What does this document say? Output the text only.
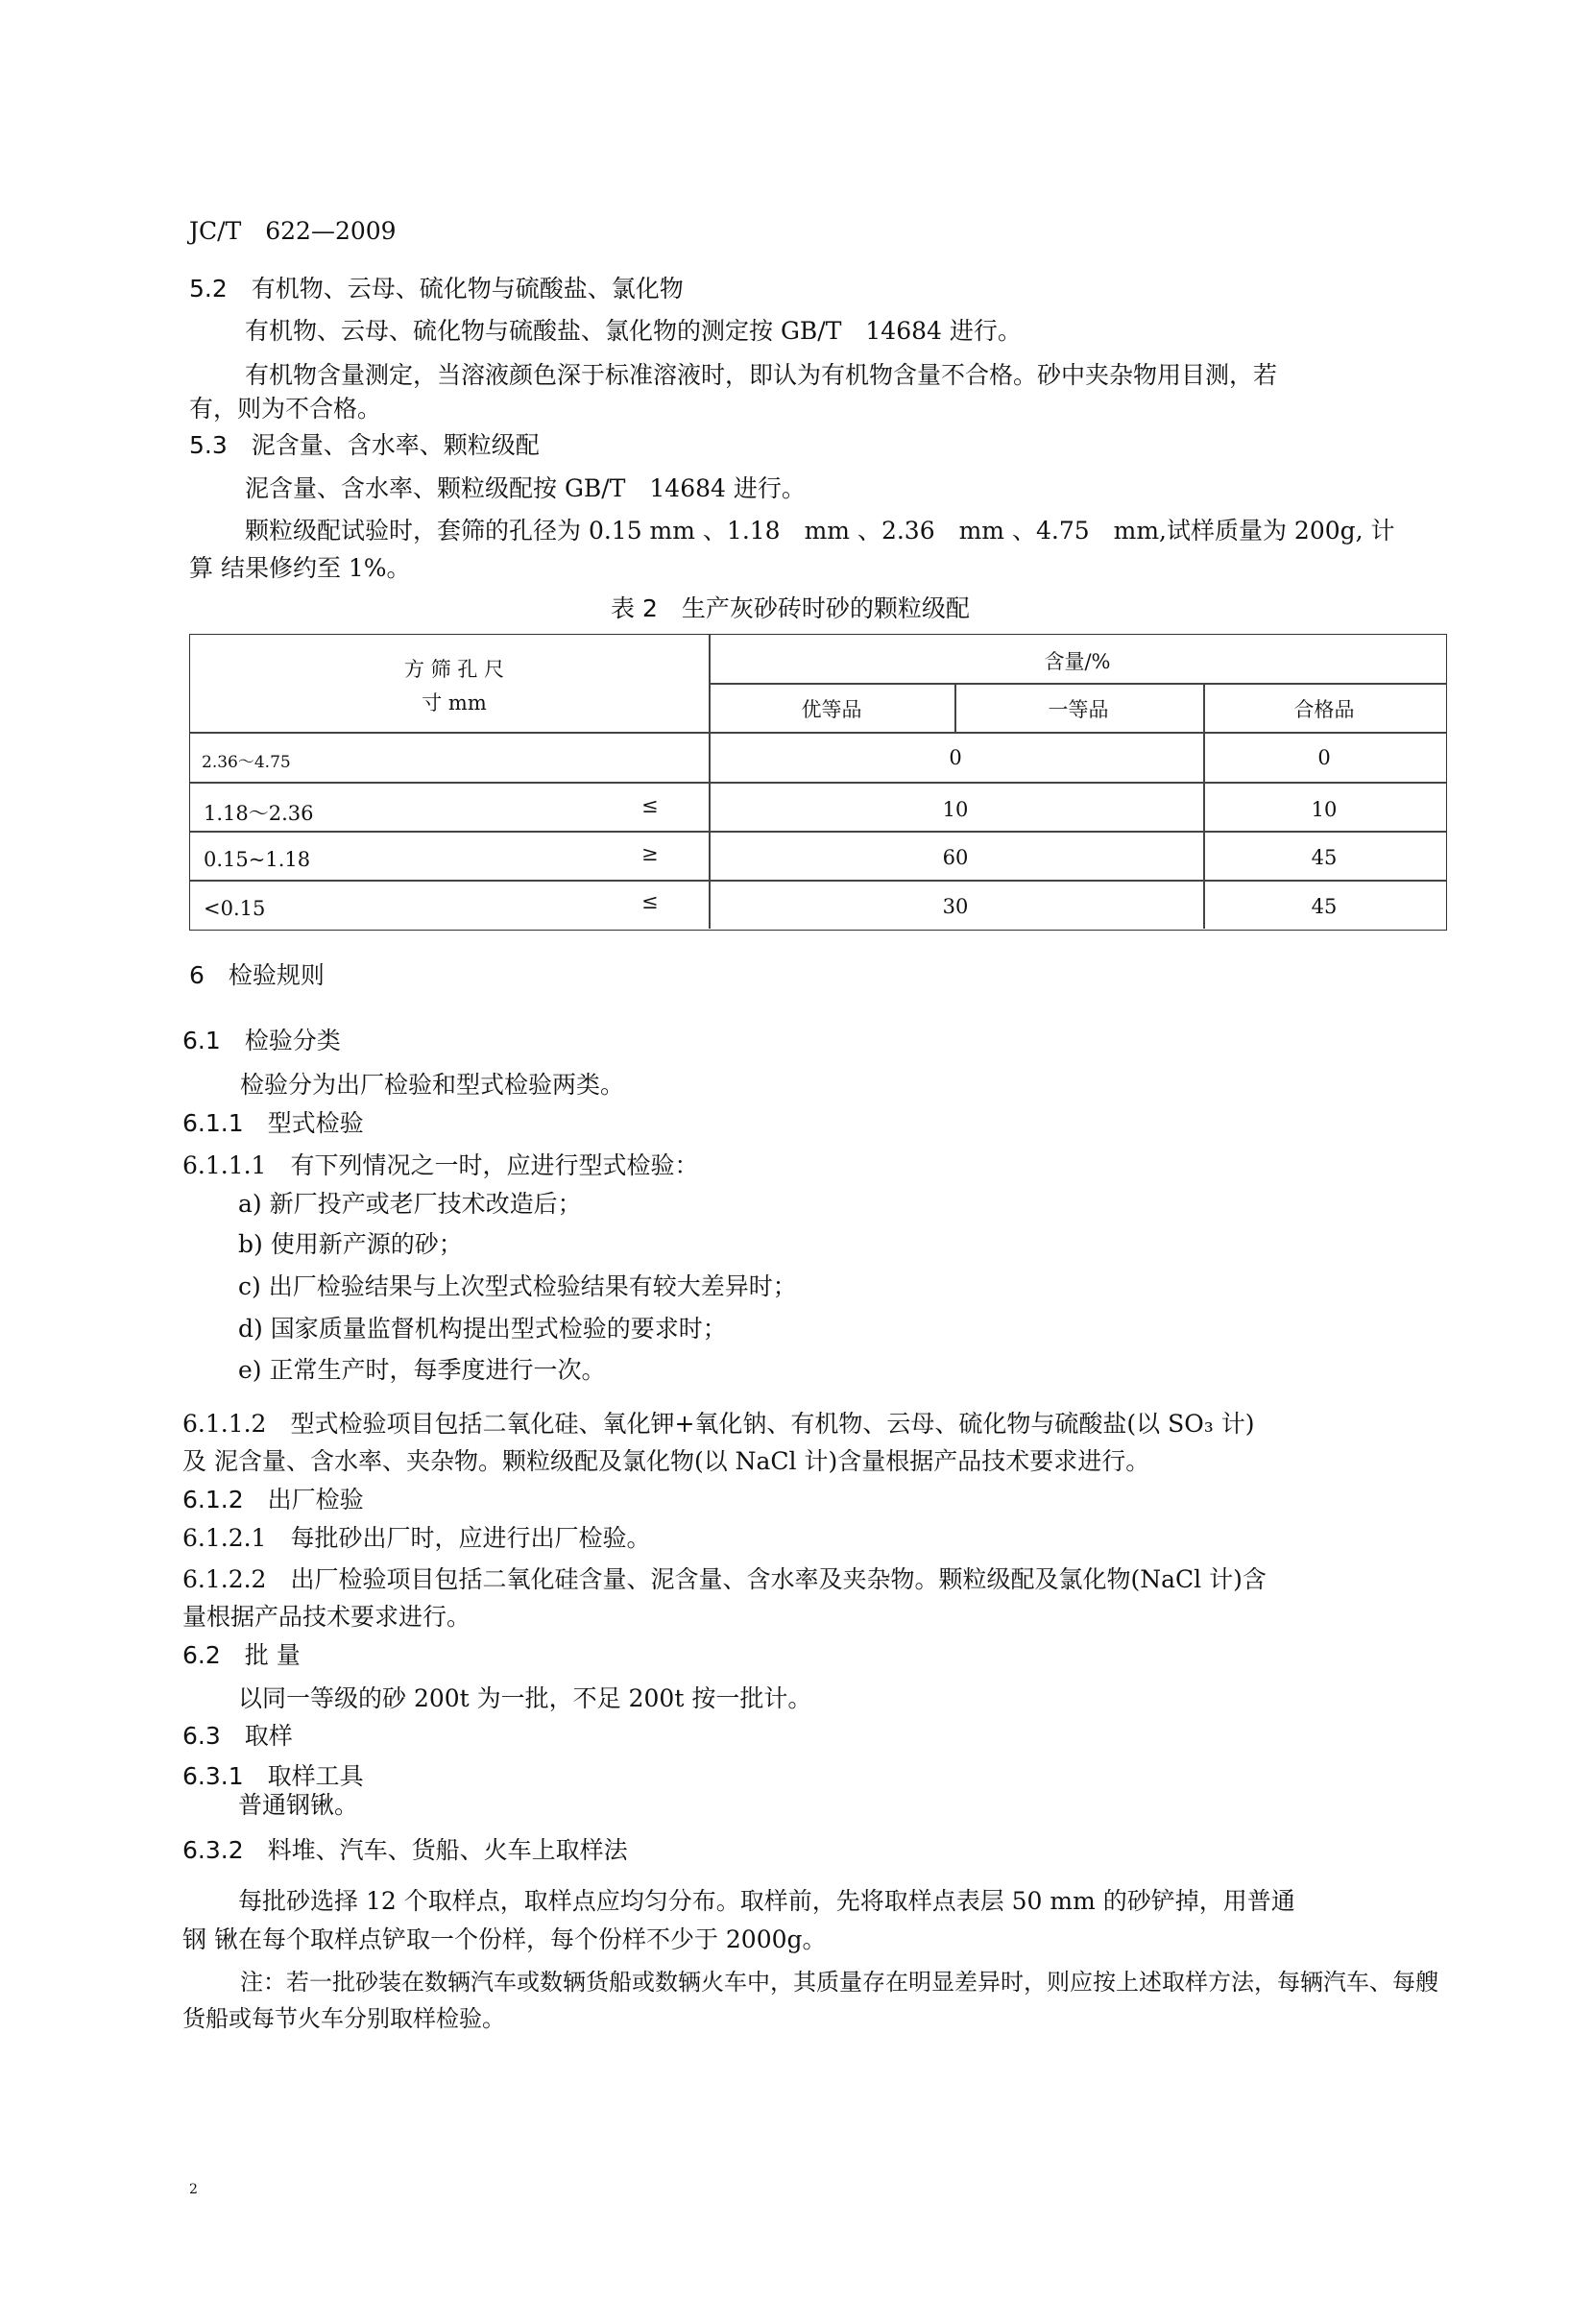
JC/T　622—2009
5.2　有机物、云母、硫化物与硫酸盐、氯化物
有机物、云母、硫化物与硫酸盐、氯化物的测定按 GB/T　14684 进行。
有机物含量测定，当溶液颜色深于标准溶液时，即认为有机物含量不合格。砂中夹杂物用目测，若
有，则为不合格。
5.3　泥含量、含水率、颗粒级配
泥含量、含水率、颗粒级配按 GB/T　14684 进行。
颗粒级配试验时，套筛的孔径为 0.15 mm 、1.18　mm 、2.36　mm 、4.75　mm,试样质量为 200g, 计
算 结果修约至 1%。
表 2　生产灰砂砖时砂的颗粒级配
方 筛 孔 尺
寸 mm
含量/%
优等品	一等品	合格品
2.36～4.75	0	0
1.18～2.36	≤	10	10
0.15~1.18	≥	60	45
<0.15	≤	30	45
6　检验规则
6.1　检验分类
检验分为出厂检验和型式检验两类。
6.1.1　型式检验
6.1.1.1　有下列情况之一时，应进行型式检验：
a) 新厂投产或老厂技术改造后；
b) 使用新产源的砂；
c) 出厂检验结果与上次型式检验结果有较大差异时；
d) 国家质量监督机构提出型式检验的要求时；
e) 正常生产时，每季度进行一次。
6.1.1.2　型式检验项目包括二氧化硅、氧化钾+氧化钠、有机物、云母、硫化物与硫酸盐(以 SO₃ 计)
及 泥含量、含水率、夹杂物。颗粒级配及氯化物(以 NaCl 计)含量根据产品技术要求进行。
6.1.2　出厂检验
6.1.2.1　每批砂出厂时，应进行出厂检验。
6.1.2.2　出厂检验项目包括二氧化硅含量、泥含量、含水率及夹杂物。颗粒级配及氯化物(NaCl 计)含
量根据产品技术要求进行。
6.2　批 量
以同一等级的砂 200t 为一批，不足 200t 按一批计。
6.3　取样
6.3.1　取样工具
普通钢锹。
6.3.2　料堆、汽车、货船、火车上取样法
每批砂选择 12 个取样点，取样点应均匀分布。取样前，先将取样点表层 50 mm 的砂铲掉，用普通
钢 锹在每个取样点铲取一个份样，每个份样不少于 2000g。
注：若一批砂装在数辆汽车或数辆货船或数辆火车中，其质量存在明显差异时，则应按上述取样方法，每辆汽车、每艘
货船或每节火车分别取样检验。
2
